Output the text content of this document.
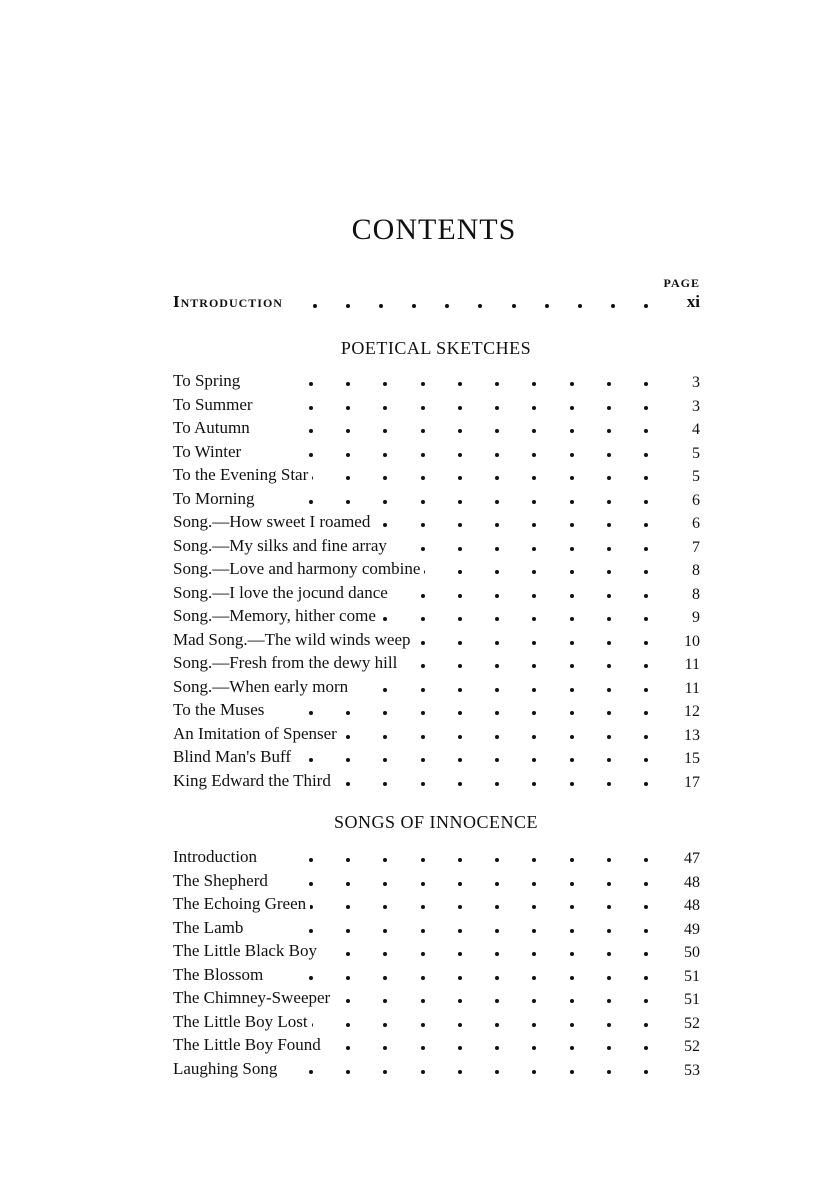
CONTENTS
PAGE
Introduction	xi
POETICAL SKETCHES
To Spring	3
To Summer	3
To Autumn	4
To Winter	5
To the Evening Star	5
To Morning	6
Song.—How sweet I roamed	6
Song.—My silks and fine array	7
Song.—Love and harmony combine	8
Song.—I love the jocund dance	8
Song.—Memory, hither come	9
Mad Song.—The wild winds weep	10
Song.—Fresh from the dewy hill	11
Song.—When early morn	11
To the Muses	12
An Imitation of Spenser	13
Blind Man's Buff	15
King Edward the Third	17
SONGS OF INNOCENCE
Introduction	47
The Shepherd	48
The Echoing Green	48
The Lamb	49
The Little Black Boy	50
The Blossom	51
The Chimney-Sweeper	51
The Little Boy Lost	52
The Little Boy Found	52
Laughing Song	53
